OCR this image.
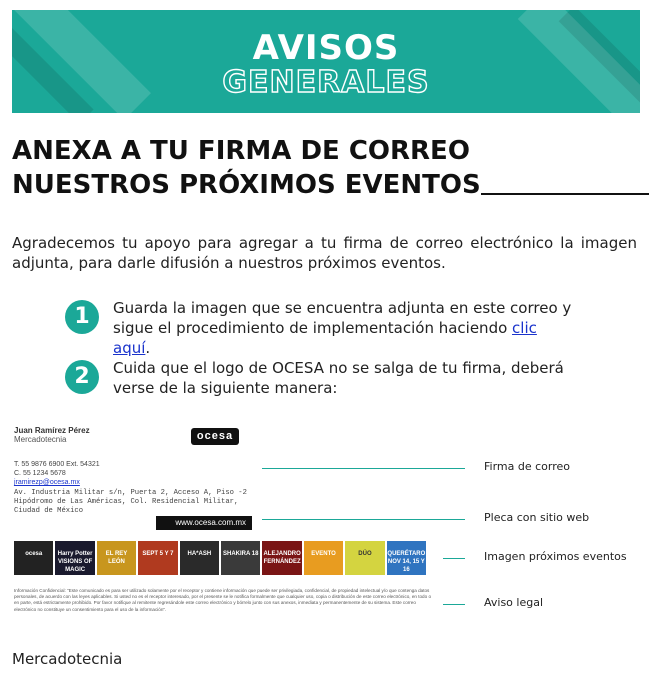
AVISOS
GENERALES
ANEXA A TU FIRMA DE CORREO
NUESTROS PRÓXIMOS EVENTOS

Agradecemos tu apoyo para agregar a tu firma de correo electrónico la imagen adjunta, para darle difusión a nuestros próximos eventos.

1	Guarda la imagen que se encuentra adjunta en este correo y sigue el procedimiento de implementación haciendo clic aquí.
2	Cuida que el logo de OCESA no se salga de tu firma, deberá verse de la siguiente manera:
Juan Ramírez Pérez
Mercadotecnia	ocesa
T. 55 9876 6900 Ext. 54321
C. 55 1234 5678
jramirezp@ocesa.mx
Av. Industria Militar s/n, Puerta 2, Acceso A, Piso -2
Hipódromo de Las Américas, Col. Residencial Militar,
Ciudad de México
www.ocesa.com.mx
ocesa	Harry Potter VISIONS OF MAGIC
EL REY LEÓN
SEPT 5 Y 7	HA*ASH	SHAKIRA 18 ALEJANDRO FERNÁNDEZ
EVENTO	DÚO	QUERÉTARO NOV 14, 15 Y 16
Información Confidencial: "Este comunicado es para ser utilizado solamente por el receptor y contiene información que puede ser privilegiada, confidencial, de propiedad intelectual y/o que contenga datos personales, de acuerdo con las leyes aplicables. Si usted no es el receptor interesado, por el presente se le notifica formalmente que cualquier uso, copia o distribución de este correo electrónico, en todo o en parte, está estrictamente prohibido. Por favor notifique al remitente regresándole este correo electrónico y bórrelo junto con sus anexos, inmediata y permanentemente de su sistema. Este correo electrónico no constituye un consentimiento para el uso de la información".
Firma de correo
Pleca con sitio web
Imagen próximos eventos
Aviso legal
Mercadotecnia
